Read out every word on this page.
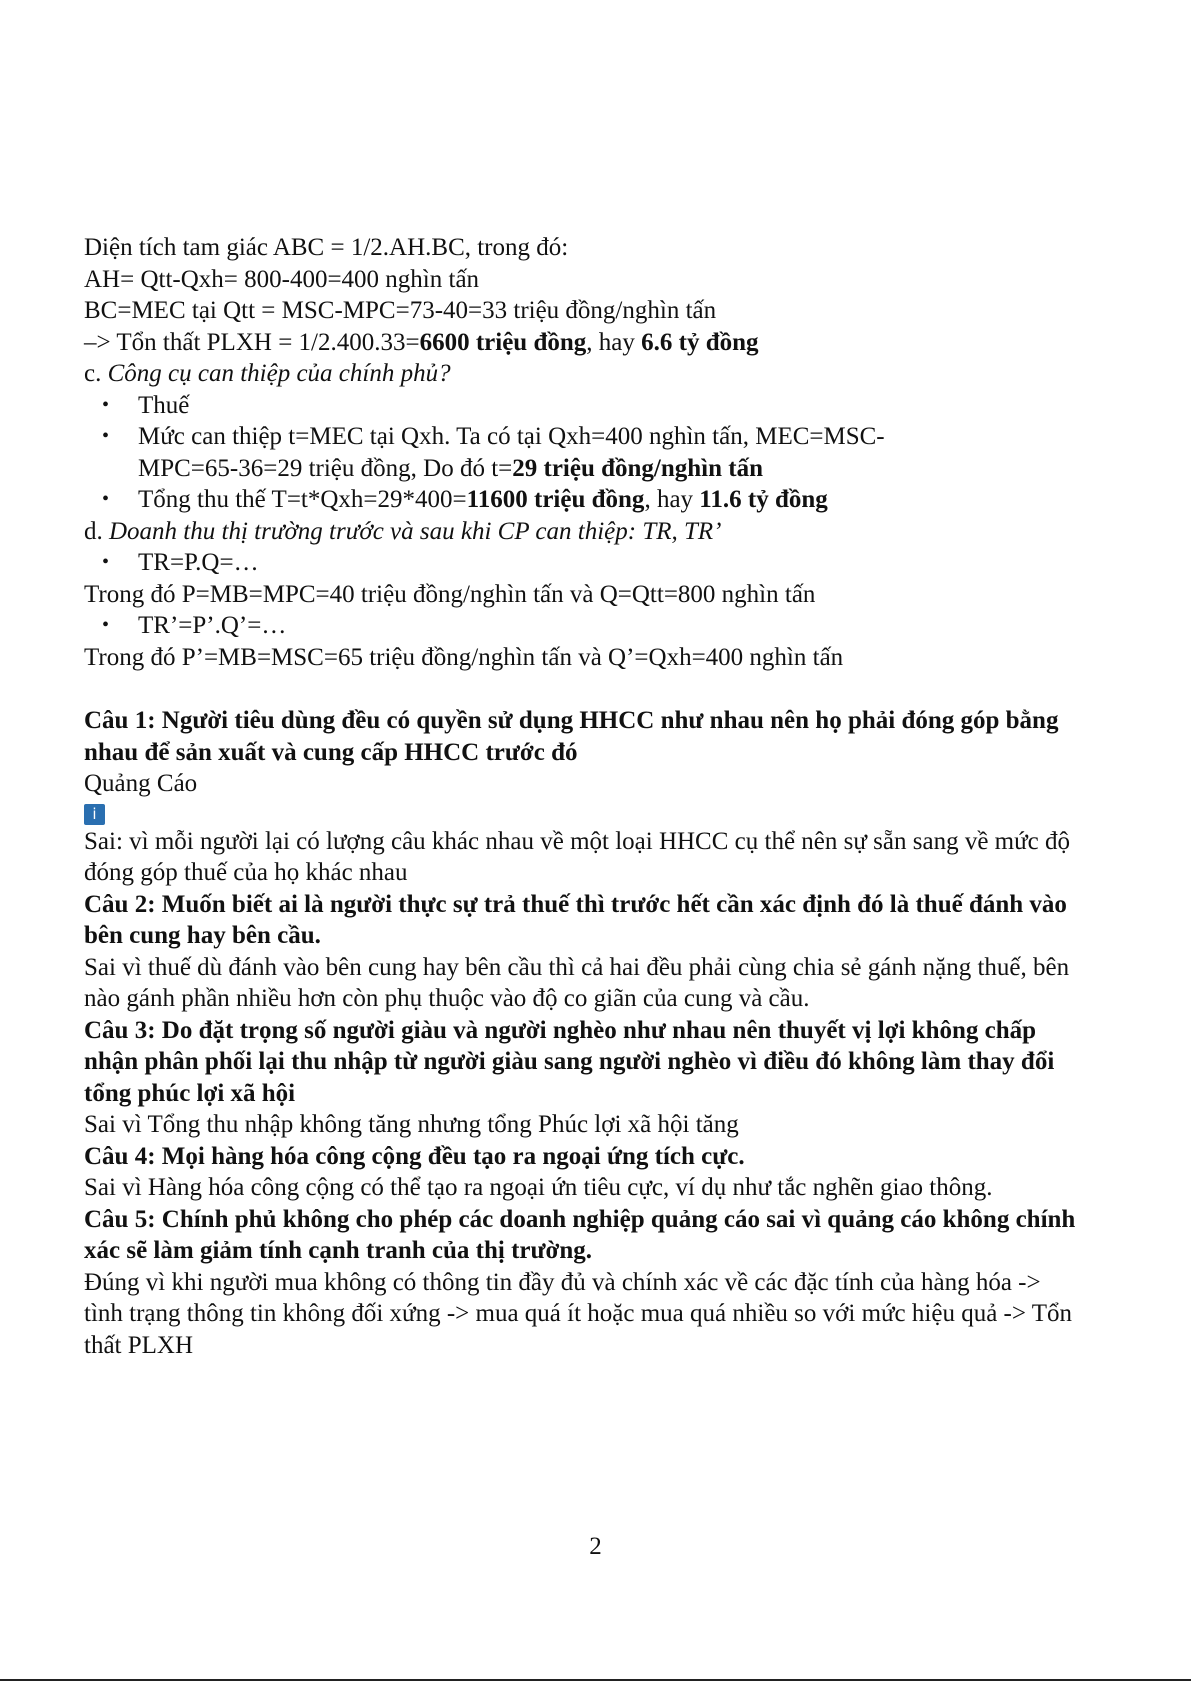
Diện tích tam giác ABC = 1/2.AH.BC, trong đó:

AH= Qtt-Qxh= 800-400=400 nghìn tấn

BC=MEC tại Qtt = MSC-MPC=73-40=33 triệu đồng/nghìn tấn

–> Tổn thất PLXH = 1/2.400.33=6600 triệu đồng, hay 6.6 tỷ đồng

c. Công cụ can thiệp của chính phủ?

• Thuế
• Mức can thiệp t=MEC tại Qxh. Ta có tại Qxh=400 nghìn tấn, MEC=MSC-MPC=65-36=29 triệu đồng, Do đó t=29 triệu đồng/nghìn tấn
• Tổng thu thế T=t*Qxh=29*400=11600 triệu đồng, hay 11.6 tỷ đồng

d. Doanh thu thị trường trước và sau khi CP can thiệp: TR, TR’

• TR=P.Q=…

Trong đó P=MB=MPC=40 triệu đồng/nghìn tấn và Q=Qtt=800 nghìn tấn

• TR’=P’.Q’=…

Trong đó P’=MB=MSC=65 triệu đồng/nghìn tấn và Q’=Qxh=400 nghìn tấn

Câu 1: Người tiêu dùng đều có quyền sử dụng HHCC như nhau nên họ phải đóng góp bằng nhau để sản xuất và cung cấp HHCC trước đó

Quảng Cáo

i

Sai: vì mỗi người lại có lượng câu khác nhau về một loại HHCC cụ thể nên sự sẵn sang về mức độ đóng góp thuế của họ khác nhau

Câu 2: Muốn biết ai là người thực sự trả thuế thì trước hết cần xác định đó là thuế đánh vào bên cung hay bên cầu.

Sai vì thuế dù đánh vào bên cung hay bên cầu thì cả hai đều phải cùng chia sẻ gánh nặng thuế, bên nào gánh phần nhiều hơn còn phụ thuộc vào độ co giãn của cung và cầu.

Câu 3: Do đặt trọng số người giàu và người nghèo như nhau nên thuyết vị lợi không chấp nhận phân phối lại thu nhập từ người giàu sang người nghèo vì điều đó không làm thay đổi tổng phúc lợi xã hội

Sai vì Tổng thu nhập không tăng nhưng tổng Phúc lợi xã hội tăng

Câu 4: Mọi hàng hóa công cộng đều tạo ra ngoại ứng tích cực.

Sai vì Hàng hóa công cộng có thể tạo ra ngoại ứn tiêu cực, ví dụ như tắc nghẽn giao thông.

Câu 5: Chính phủ không cho phép các doanh nghiệp quảng cáo sai vì quảng cáo không chính xác sẽ làm giảm tính cạnh tranh của thị trường.

Đúng vì khi người mua không có thông tin đầy đủ và chính xác về các đặc tính của hàng hóa -> tình trạng thông tin không đối xứng -> mua quá ít hoặc mua quá nhiều so với mức hiệu quả -> Tổn thất PLXH

2
